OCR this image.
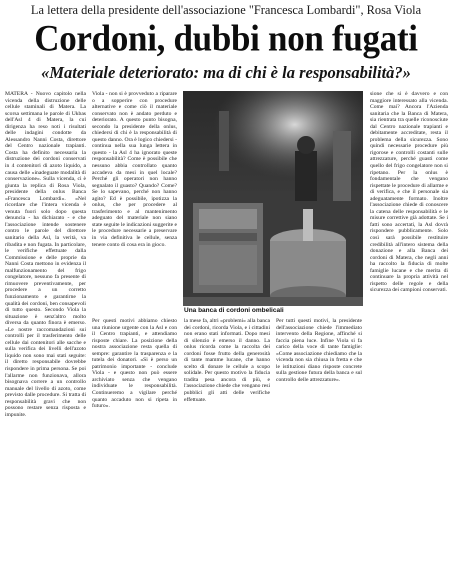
La lettera della presidente dell'associazione "Francesca Lombardi", Rosa Viola
Cordoni, dubbi non fugati
«Materiale deteriorato: ma di chi è la responsabilità?»

MATERA - Nuovo capitolo nella vicenda della distruzione delle cellule staminali di Matera. La scorsa settimana le parole di Ukbas dell'Asl 4 di Matera, la cui dirigenza ha reso noti i risultati delle indagini condotte da Alessandro Nanni Costa, direttore del Centro nazionale trapianti. Costa ha definito necessaria la distruzione dei cordoni conservati in 4 contenitori di azoto liquido, a causa delle «inadeguate modalità di conservazione». Sulla vicenda, ci è giunta la replica di Rosa Viola, presidente della onlus Banca «Francesca Lombardi». «Nel ricordare che l'intera vicenda è venuta fuori solo dopo questa denuncia - ha dichiarato - e che l'associazione intende sostenere contro le parole del direttore sanitario della Asl, la verità, va ribadita e non fugata. In particolare, le verifiche effettuate dalla Commissione e delle proprie da Nanni Costa mettono in evidenza il malfunzionamento del frigo congelatore, nessuno fa presente di rimuovere preventivamente, per procedere a un corretto funzionamento e garantirne la qualità dei cordoni, ben consapevoli di tutto questo. Secondo Viola la situazione è senz'altro molto diversa da quanto finora è emerso. «Le nostre raccomandazioni sui controlli per il trasferimento delle cellule dai contenitori alle sacche e sulla verifica dei livelli dell'azoto liquido non sono mai stati seguite: il diretto responsabile dovrebbe rispondere in prima persona. Se poi l'allarme non funzionava, allora bisognava correre a un controllo manuale del livello di azoto, come previsto dalle procedure. Si tratta di responsabilità gravi che non possono restare senza risposta e impunite.

Viola - non si è provveduto a riparare o a sopperire con procedure alternative e come ciò il materiale conservato non è andato perduto e deteriorato. A questo punto bisogna, secondo la presidente della onlus, chiedersi di chi è la responsabilità di questo danno. Ora è logico chiedersi - continua nella sua lunga lettera in questo - la Asl 4 ha ignorato queste responsabilità? Come è possibile che nessuno abbia controllato quanto accadeva da mesi in quel locale? Perché gli operatori non hanno segnalato il guasto? Quando? Come? Se lo sapevano, perché non hanno agito? Ed è possibile, ipotizza la onlus, che per procedere al trasferimento e al mantenimento adeguato del materiale non siano state seguite le indicazioni suggerite e le procedure necessarie a preservare in via definitiva le cellule, senza tenere conto di cosa era in gioco.

Una banca di cordoni ombelicali

Per questi motivi abbiamo chiesto una riunione urgente con la Asl e con il Centro trapianti, e attendiamo risposte chiare. La posizione della nostra associazione resta quella di sempre: garantire la trasparenza e la tutela dei donatori. «Si è perso un patrimonio importante - conclude Viola - e questo non può essere archiviato senza che vengano individuate le responsabilità. Continueremo a vigilare perché quanto accaduto non si ripeta in futuro».

la mese fa, altri «problemi» alla banca dei cordoni, ricorda Viola, e i cittadini non erano stati informati. Dopo mesi di silenzio è emerso il danno. La onlus ricorda come la raccolta dei cordoni fosse frutto della generosità di tante mamme lucane, che hanno scelto di donare le cellule a scopo solidale. Per questo motivo la fiducia tradita pesa ancora di più, e l'associazione chiede che vengano resi pubblici gli atti delle verifiche effettuate.

Per tutti questi motivi, la presidente dell'associazione chiede l'immediato intervento della Regione, affinché si faccia piena luce. Infine Viola si fa carico della voce di tante famiglie: «Come associazione chiediamo che la vicenda non sia chiusa in fretta e che le istituzioni diano risposte concrete sulla gestione futura della banca e sul controllo delle attrezzature».

sione che si è davvero e con maggiore interessato alla vicenda. Come mai? Ancora l'Azienda sanitaria che la Banca di Matera, sia rientrata tra quelle riconosciute dal Centro nazionale trapianti e debitamente accreditate, resta il problema della sicurezza. Sono quindi necessarie procedure più rigorose e controlli costanti sulle attrezzature, perché guasti come quello del frigo congelatore non si ripetano. Per la onlus è fondamentale che vengano rispettate le procedure di allarme e di verifica, e che il personale sia adeguatamente formato. Inoltre l'associazione chiede di conoscere la catena delle responsabilità e le misure correttive già adottate. Se i fatti sono accertati, la Asl dovrà rispondere pubblicamente. Solo così sarà possibile restituire credibilità all'intero sistema della donazione e alla Banca dei cordoni di Matera, che negli anni ha raccolto la fiducia di molte famiglie lucane e che merita di continuare la propria attività nel rispetto delle regole e della sicurezza dei campioni conservati.
